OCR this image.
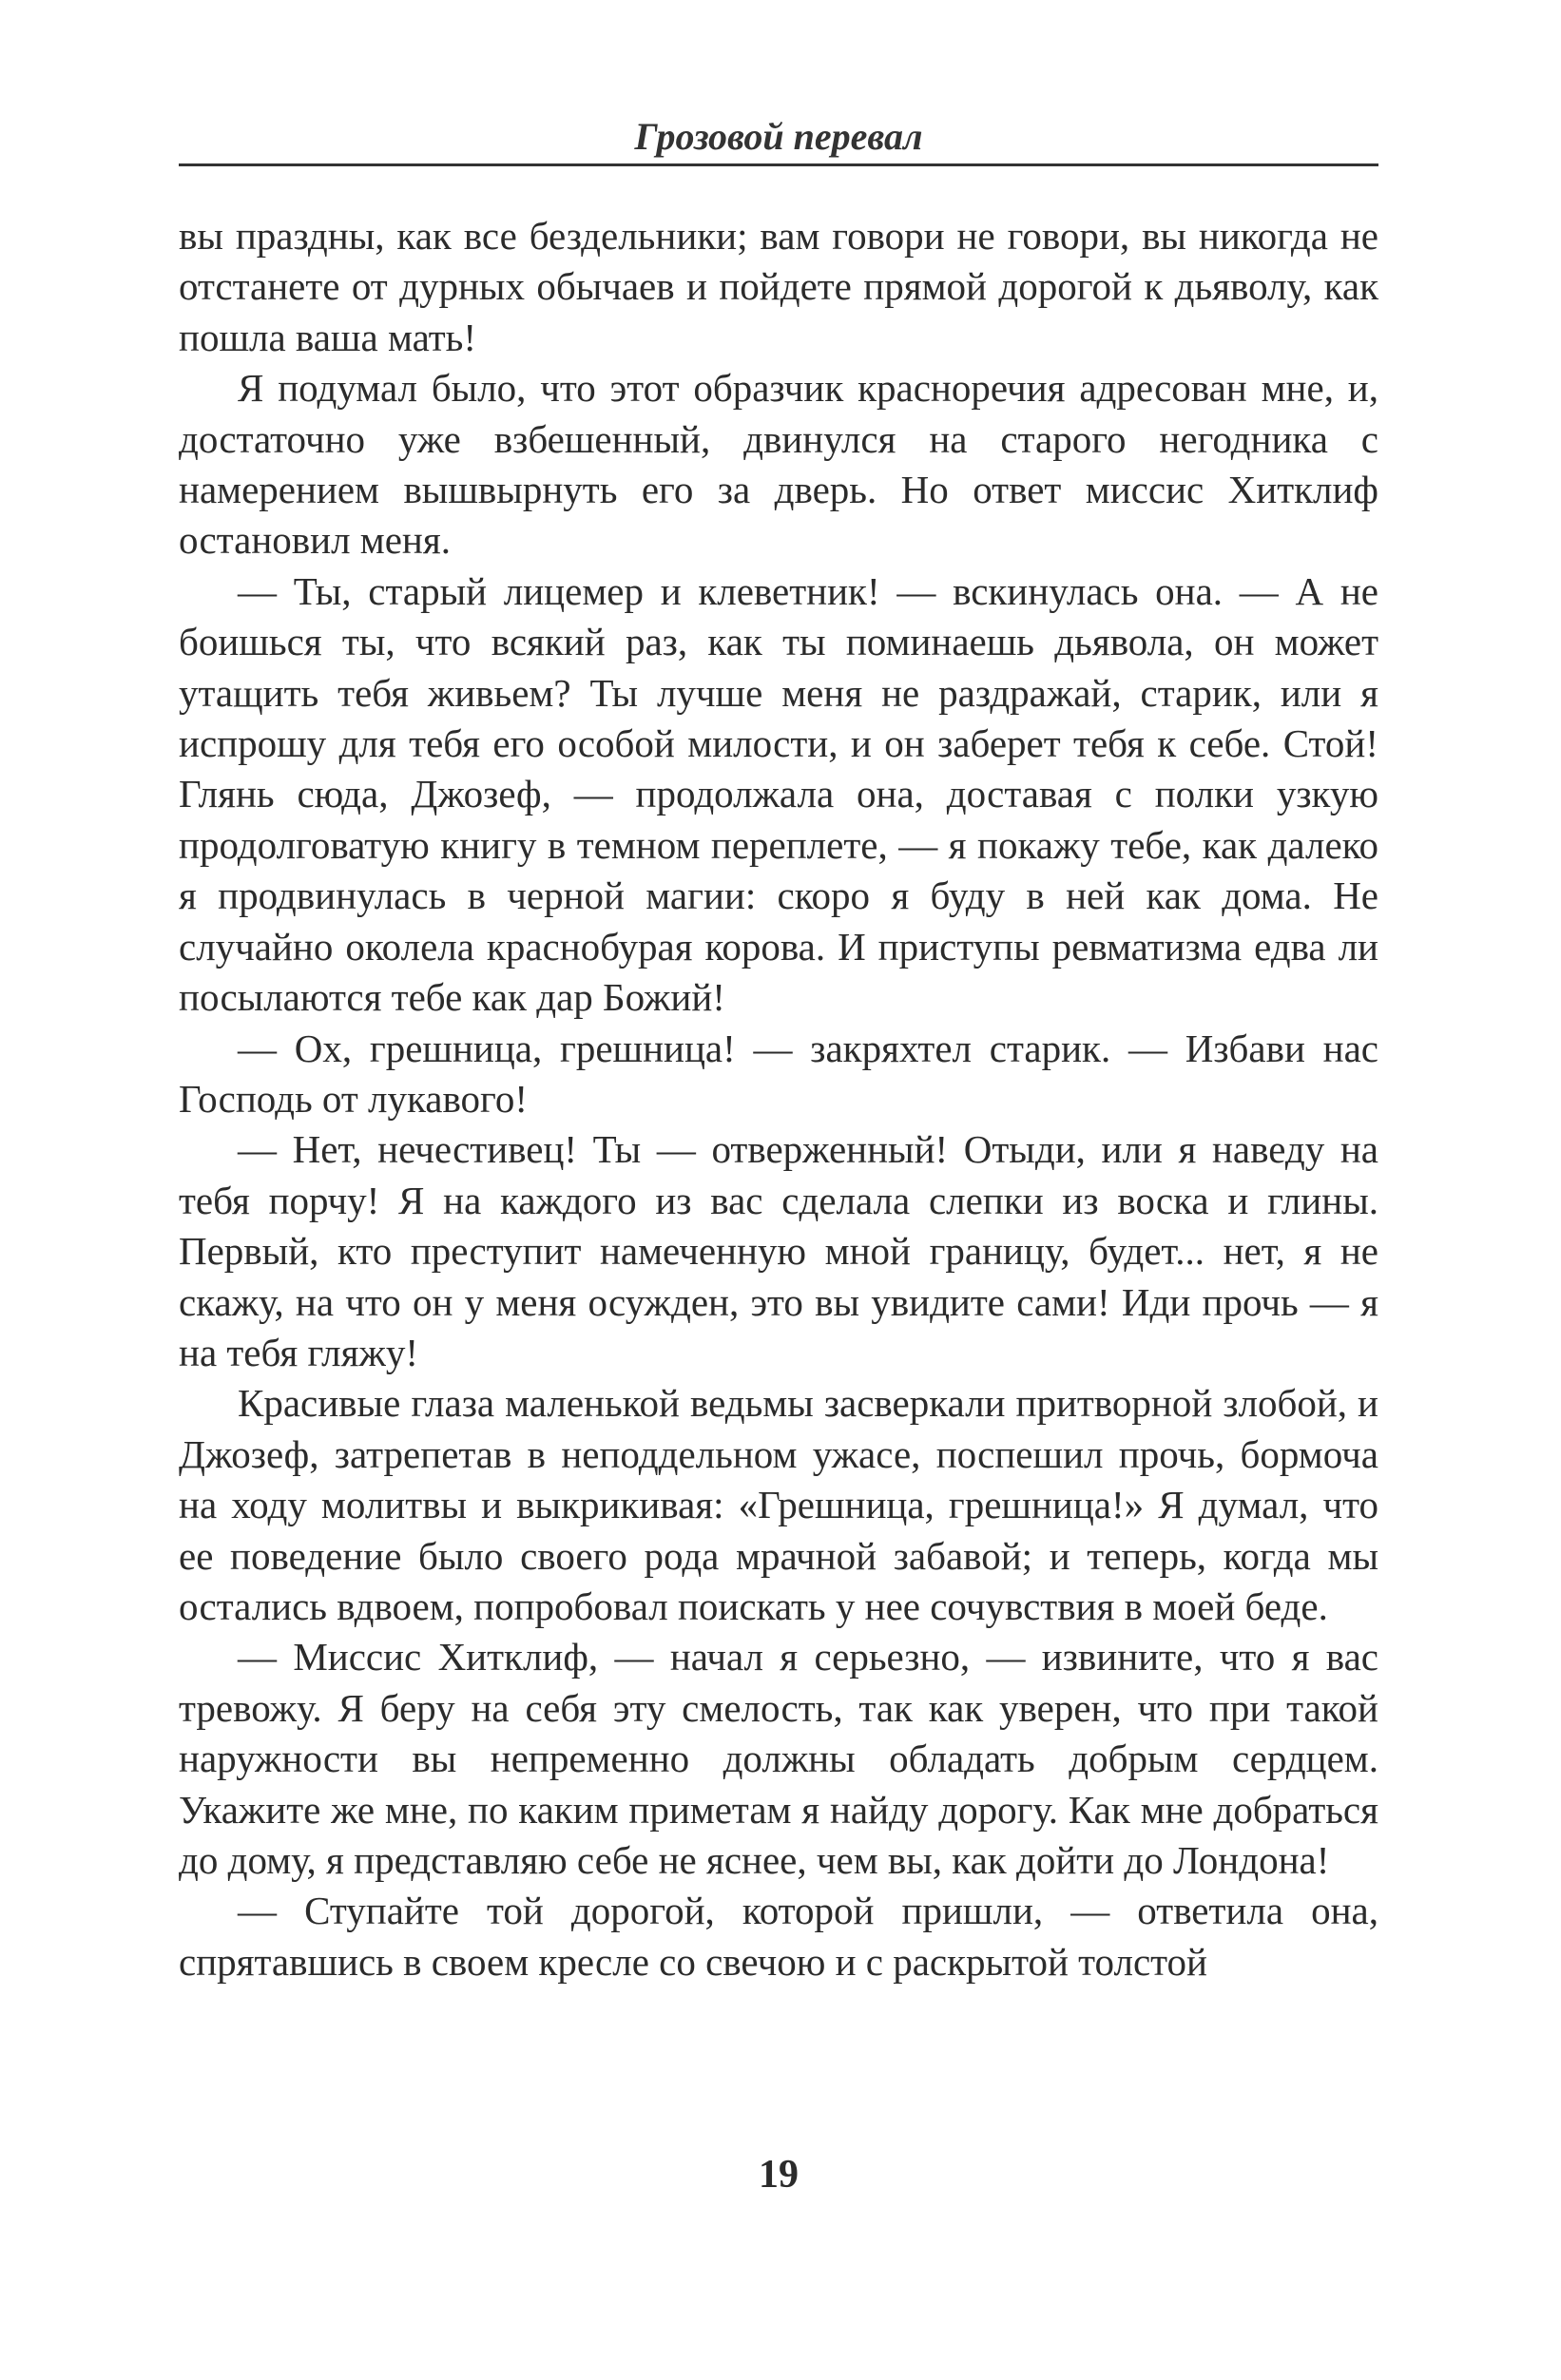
Грозовой перевал

вы праздны, как все бездельники; вам говори не говори, вы никогда не отстанете от дурных обычаев и пойдете прямой дорогой к дьяволу, как пошла ваша мать!

Я подумал было, что этот образчик красноречия адресован мне, и, достаточно уже взбешенный, двинулся на старого негодника с намерением вышвырнуть его за дверь. Но ответ миссис Хитклиф остановил меня.

— Ты, старый лицемер и клеветник! — вскинулась она. — А не боишься ты, что всякий раз, как ты поминаешь дьявола, он может утащить тебя живьем? Ты лучше меня не раздражай, старик, или я испрошу для тебя его особой милости, и он заберет тебя к себе. Стой! Глянь сюда, Джозеф, — продолжала она, доставая с полки узкую продолговатую книгу в темном переплете, — я покажу тебе, как далеко я продвинулась в черной магии: скоро я буду в ней как дома. Не случайно околела краснобурая корова. И приступы ревматизма едва ли посылаются тебе как дар Божий!

— Ох, грешница, грешница! — закряхтел старик. — Избави нас Господь от лукавого!

— Нет, нечестивец! Ты — отверженный! Отыди, или я наведу на тебя порчу! Я на каждого из вас сделала слепки из воска и глины. Первый, кто преступит намеченную мной границу, будет... нет, я не скажу, на что он у меня осужден, это вы увидите сами! Иди прочь — я на тебя гляжу!

Красивые глаза маленькой ведьмы засверкали притворной злобой, и Джозеф, затрепетав в неподдельном ужасе, поспешил прочь, бормоча на ходу молитвы и выкрикивая: «Грешница, грешница!» Я думал, что ее поведение было своего рода мрачной забавой; и теперь, когда мы остались вдвоем, попробовал поискать у нее сочувствия в моей беде.

— Миссис Хитклиф, — начал я серьезно, — извините, что я вас тревожу. Я беру на себя эту смелость, так как уверен, что при такой наружности вы непременно должны обладать добрым сердцем. Укажите же мне, по каким приметам я найду дорогу. Как мне добраться до дому, я представляю себе не яснее, чем вы, как дойти до Лондона!

— Ступайте той дорогой, которой пришли, — ответила она, спрятавшись в своем кресле со свечою и с раскрытой толстой

19
